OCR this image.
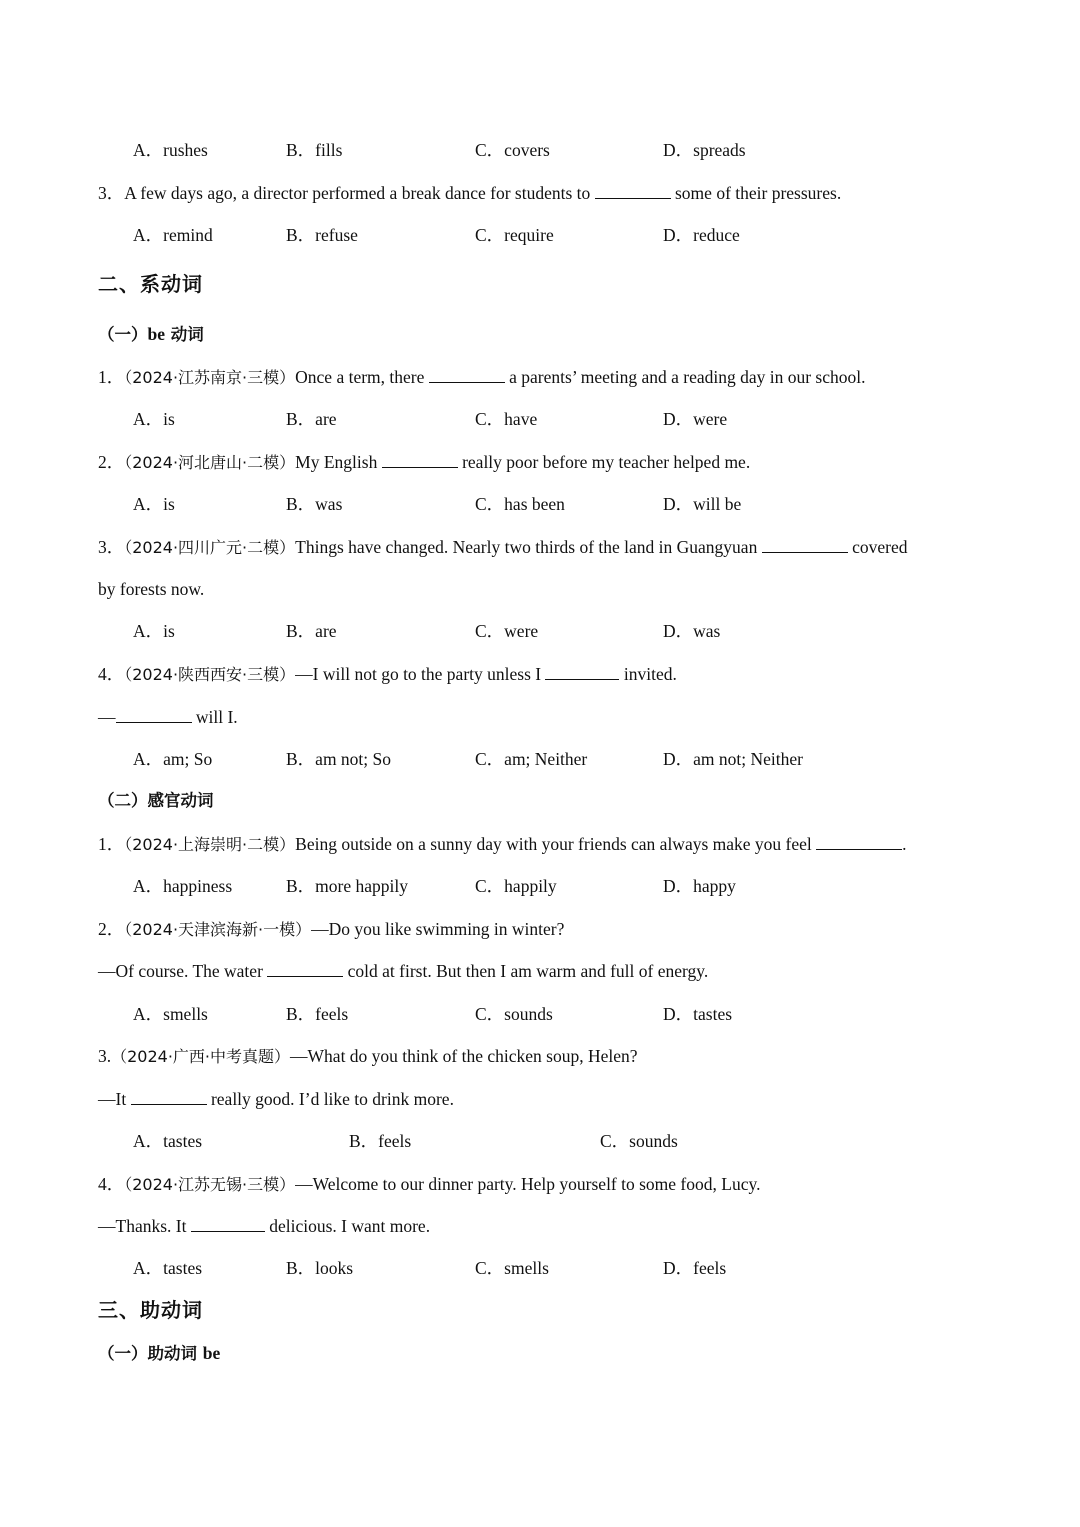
A．rushes	B．fills	C．covers	D．spreads
3．A few days ago, a director performed a break dance for students to	some of their pressures.
A．remind	B．refuse	C．require	D．reduce
二、系动词
（一）be 动词
1．（2024·江苏南京·三模）Once a term, there	a parents’ meeting and a reading day in our school.
A．is	B．are	C．have	D．were
2．（2024·河北唐山·二模）My English	really poor before my teacher helped me.
A．is	B．was	C．has been	D．will be
3．（2024·四川广元·二模）Things have changed. Nearly two thirds of the land in Guangyuan	covered
by forests now.
A．is	B．are	C．were	D．was
4．（2024·陕西西安·三模）—I will not go to the party unless I	invited.
—	will I.
A．am; So	B．am not; So	C．am; Neither	D．am not; Neither
（二）感官动词
1．（2024·上海崇明·二模）Being outside on a sunny day with your friends can always make you feel	.
A．happiness	B．more happily	C．happily	D．happy
2．（2024·天津滨海新·一模）—Do you like swimming in winter?
—Of course. The water	cold at first. But then I am warm and full of energy.
A．smells	B．feels	C．sounds	D．tastes
3.（2024·广西·中考真题）—What do you think of the chicken soup, Helen?
—It	really good. I’d like to drink more.
A．tastes	B．feels	C．sounds
4．（2024·江苏无锡·三模）—Welcome to our dinner party. Help yourself to some food, Lucy.
—Thanks. It	delicious. I want more.
A．tastes	B．looks	C．smells	D．feels
三、助动词
（一）助动词 be
